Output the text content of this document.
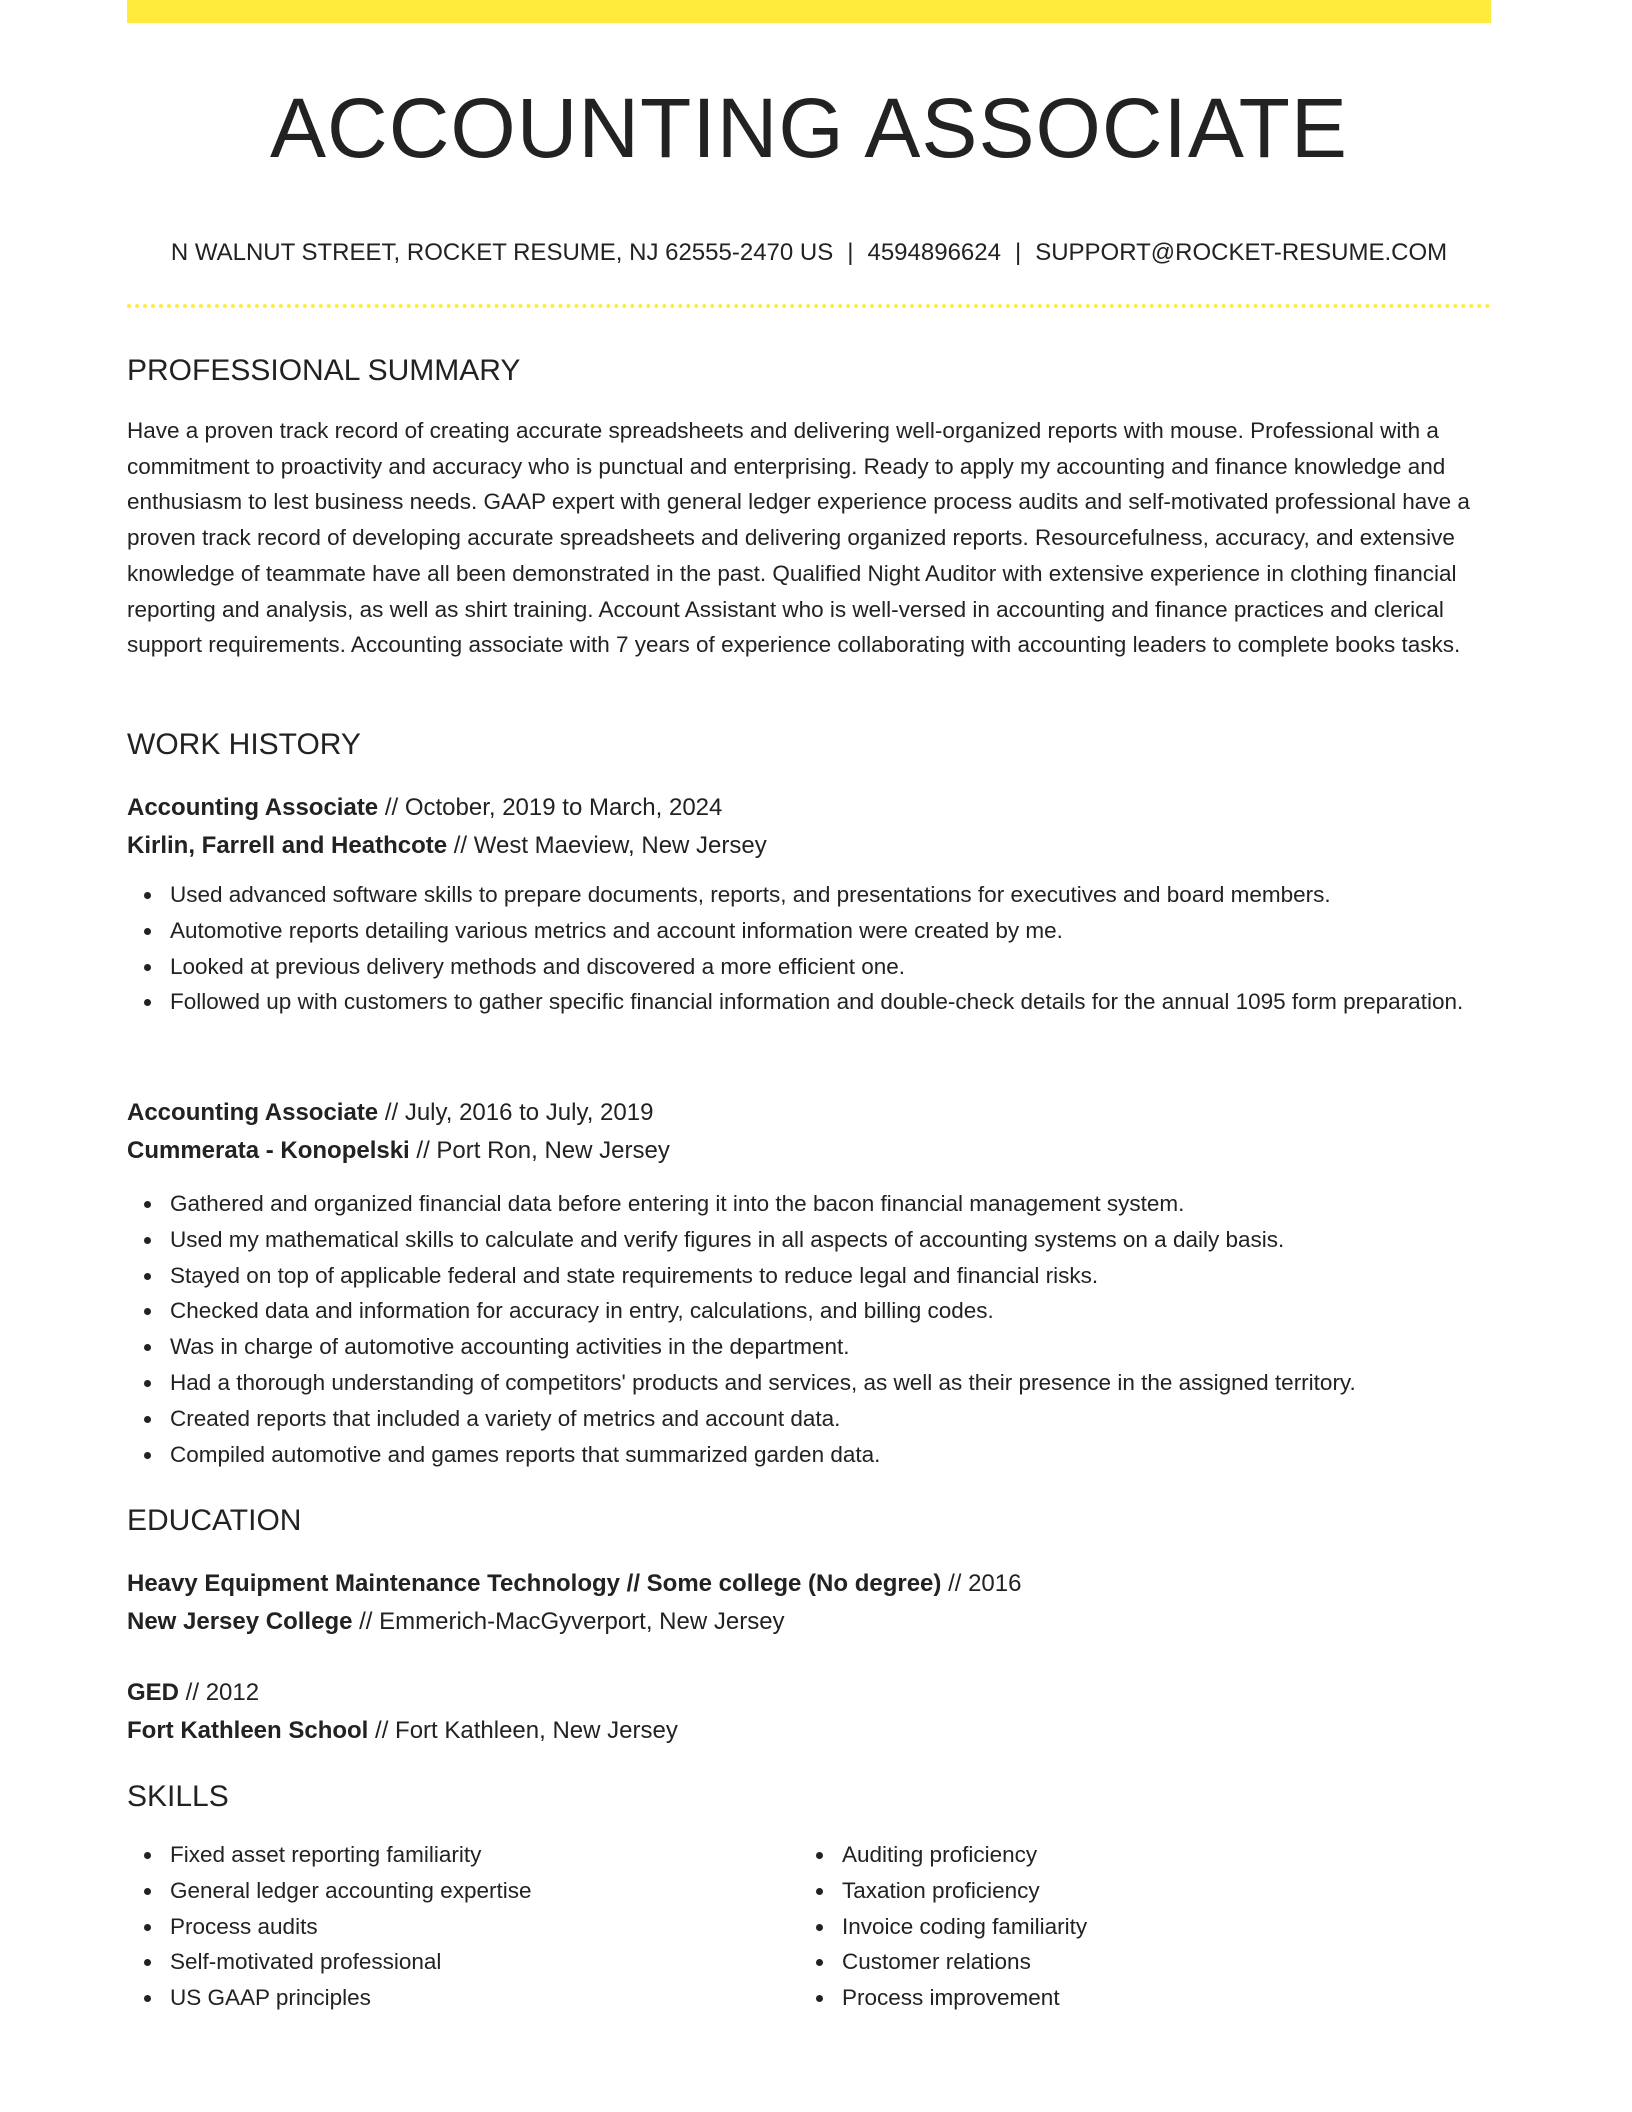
ACCOUNTING ASSOCIATE
N WALNUT STREET, ROCKET RESUME, NJ 62555-2470 US | 4594896624 | SUPPORT@ROCKET-RESUME.COM
PROFESSIONAL SUMMARY

Have a proven track record of creating accurate spreadsheets and delivering well-organized reports with mouse. Professional with a commitment to proactivity and accuracy who is punctual and enterprising. Ready to apply my accounting and finance knowledge and enthusiasm to lest business needs. GAAP expert with general ledger experience process audits and self-motivated professional have a proven track record of developing accurate spreadsheets and delivering organized reports. Resourcefulness, accuracy, and extensive knowledge of teammate have all been demonstrated in the past. Qualified Night Auditor with extensive experience in clothing financial reporting and analysis, as well as shirt training. Account Assistant who is well-versed in accounting and finance practices and clerical support requirements. Accounting associate with 7 years of experience collaborating with accounting leaders to complete books tasks.

WORK HISTORY
Accounting Associate // October, 2019 to March, 2024
Kirlin, Farrell and Heathcote // West Maeview, New Jersey
Used advanced software skills to prepare documents, reports, and presentations for executives and board members.
Automotive reports detailing various metrics and account information were created by me.
Looked at previous delivery methods and discovered a more efficient one.
Followed up with customers to gather specific financial information and double-check details for the annual 1095 form preparation.
Accounting Associate // July, 2016 to July, 2019
Cummerata - Konopelski // Port Ron, New Jersey
Gathered and organized financial data before entering it into the bacon financial management system.
Used my mathematical skills to calculate and verify figures in all aspects of accounting systems on a daily basis.
Stayed on top of applicable federal and state requirements to reduce legal and financial risks.
Checked data and information for accuracy in entry, calculations, and billing codes.
Was in charge of automotive accounting activities in the department.
Had a thorough understanding of competitors' products and services, as well as their presence in the assigned territory.
Created reports that included a variety of metrics and account data.
Compiled automotive and games reports that summarized garden data.
EDUCATION
Heavy Equipment Maintenance Technology // Some college (No degree) // 2016
New Jersey College // Emmerich-MacGyverport, New Jersey
GED // 2012
Fort Kathleen School // Fort Kathleen, New Jersey
SKILLS
Fixed asset reporting familiarity
General ledger accounting expertise
Process audits
Self-motivated professional
US GAAP principles
Auditing proficiency
Taxation proficiency
Invoice coding familiarity
Customer relations
Process improvement
